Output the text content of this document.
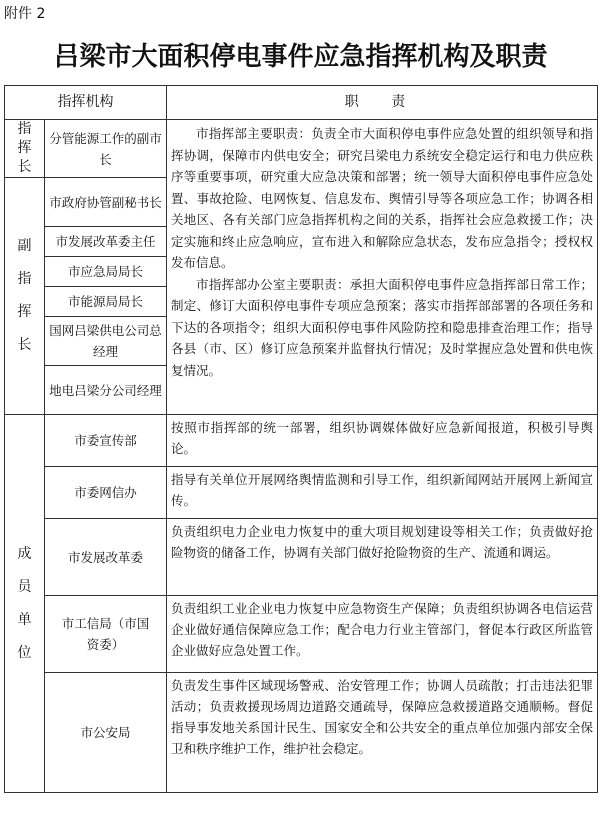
附件 2
吕梁市大面积停电事件应急指挥机构及职责
指挥机构		职 责

指挥长	分管能源工作的副市长	市指挥部主要职责：负责全市大面积停电事件应急处置的组织领导和指挥协调，保障市内供电安全；研究吕梁电力系统安全稳定运行和电力供应秩序等重要事项，研究重大应急决策和部署；统一领导大面积停电事件应急处置、事故抢险、电网恢复、信息发布、舆情引导等各项应急工作；协调各相关地区、各有关部门应急指挥机构之间的关系，指挥社会应急救援工作；决定实施和终止应急响应，宣布进入和解除应急状态，发布应急指令；授权权发布信息。

市指挥部办公室主要职责：承担大面积停电事件应急指挥部日常工作；制定、修订大面积停电事件专项应急预案；落实市指挥部部署的各项任务和下达的各项指令；组织大面积停电事件风险防控和隐患排查治理工作；指导各县（市、区）修订应急预案并监督执行情况；及时掌握应急处置和供电恢复情况。

副指挥长	市政府协管副秘书长	
	市发展改革委主任	
	市应急局局长	
	市能源局局长	
	国网吕梁供电公司总经理	
	地电吕梁分公司经理	

成员单位	市委宣传部	按照市指挥部的统一部署，组织协调媒体做好应急新闻报道，积极引导舆论。
	市委网信办	指导有关单位开展网络舆情监测和引导工作，组织新闻网站开展网上新闻宣传。
	市发展改革委	负责组织电力企业电力恢复中的重大项目规划建设等相关工作；负责做好抢险物资的储备工作，协调有关部门做好抢险物资的生产、流通和调运。
	市工信局（市国资委）	负责组织工业企业电力恢复中应急物资生产保障；负责组织协调各电信运营企业做好通信保障应急工作；配合电力行业主管部门，督促本行政区所监管企业做好应急处置工作。
	市公安局	负责发生事件区域现场警戒、治安管理工作；协调人员疏散；打击违法犯罪活动；负责救援现场周边道路交通疏导，保障应急救援道路交通顺畅。督促指导事发地关系国计民生、国家安全和公共安全的重点单位加强内部安全保卫和秩序维护工作，维护社会稳定。
